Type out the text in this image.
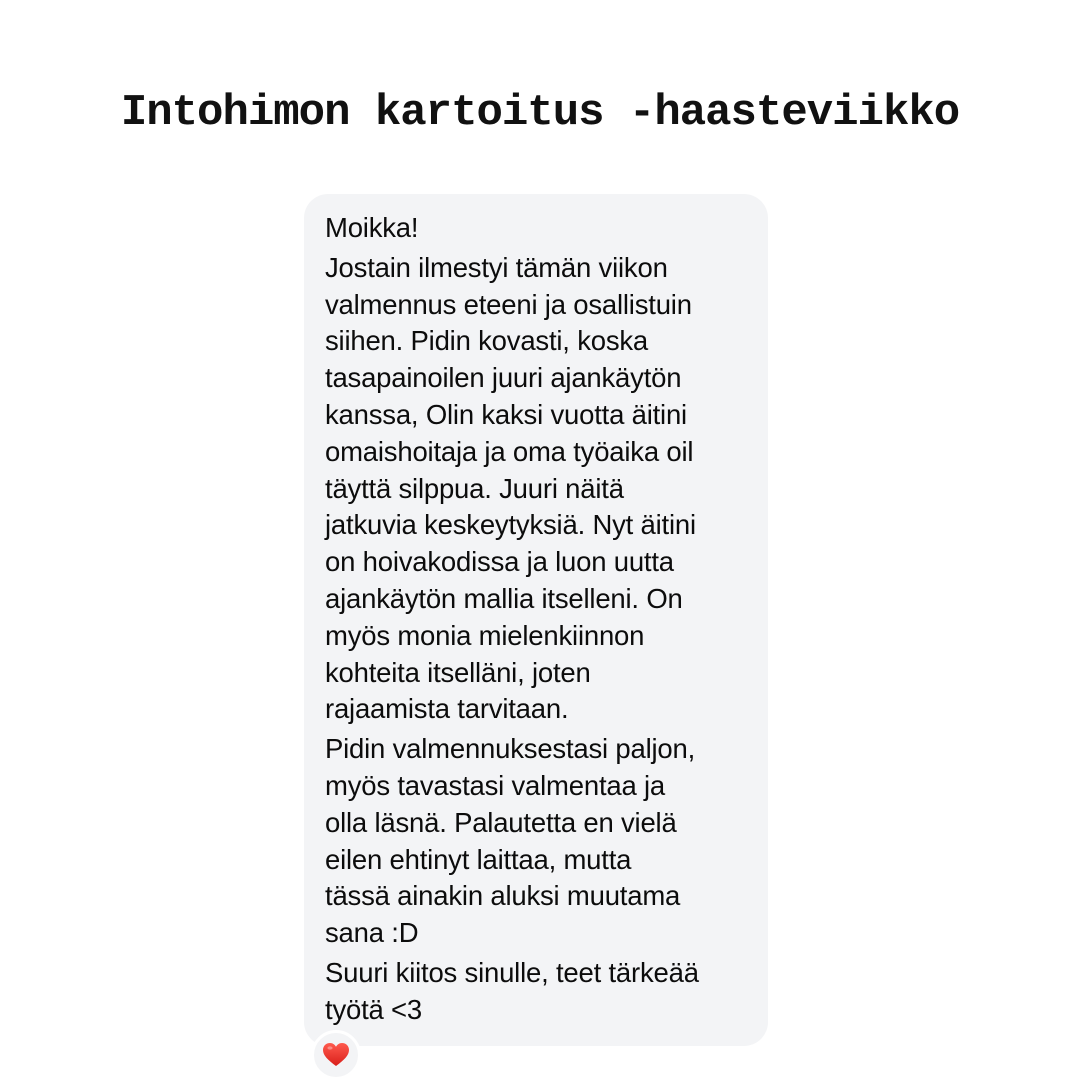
Intohimon kartoitus -haasteviikko
Moikka!
Jostain ilmestyi tämän viikon
valmennus eteeni ja osallistuin
siihen. Pidin kovasti, koska
tasapainoilen juuri ajankäytön
kanssa, Olin kaksi vuotta äitini
omaishoitaja ja oma työaika oil
täyttä silppua. Juuri näitä
jatkuvia keskeytyksiä. Nyt äitini
on hoivakodissa ja luon uutta
ajankäytön mallia itselleni. On
myös monia mielenkiinnon
kohteita itselläni, joten
rajaamista tarvitaan.
Pidin valmennuksestasi paljon,
myös tavastasi valmentaa ja
olla läsnä. Palautetta en vielä
eilen ehtinyt laittaa, mutta
tässä ainakin aluksi muutama
sana :D
Suuri kiitos sinulle, teet tärkeää
työtä <3
